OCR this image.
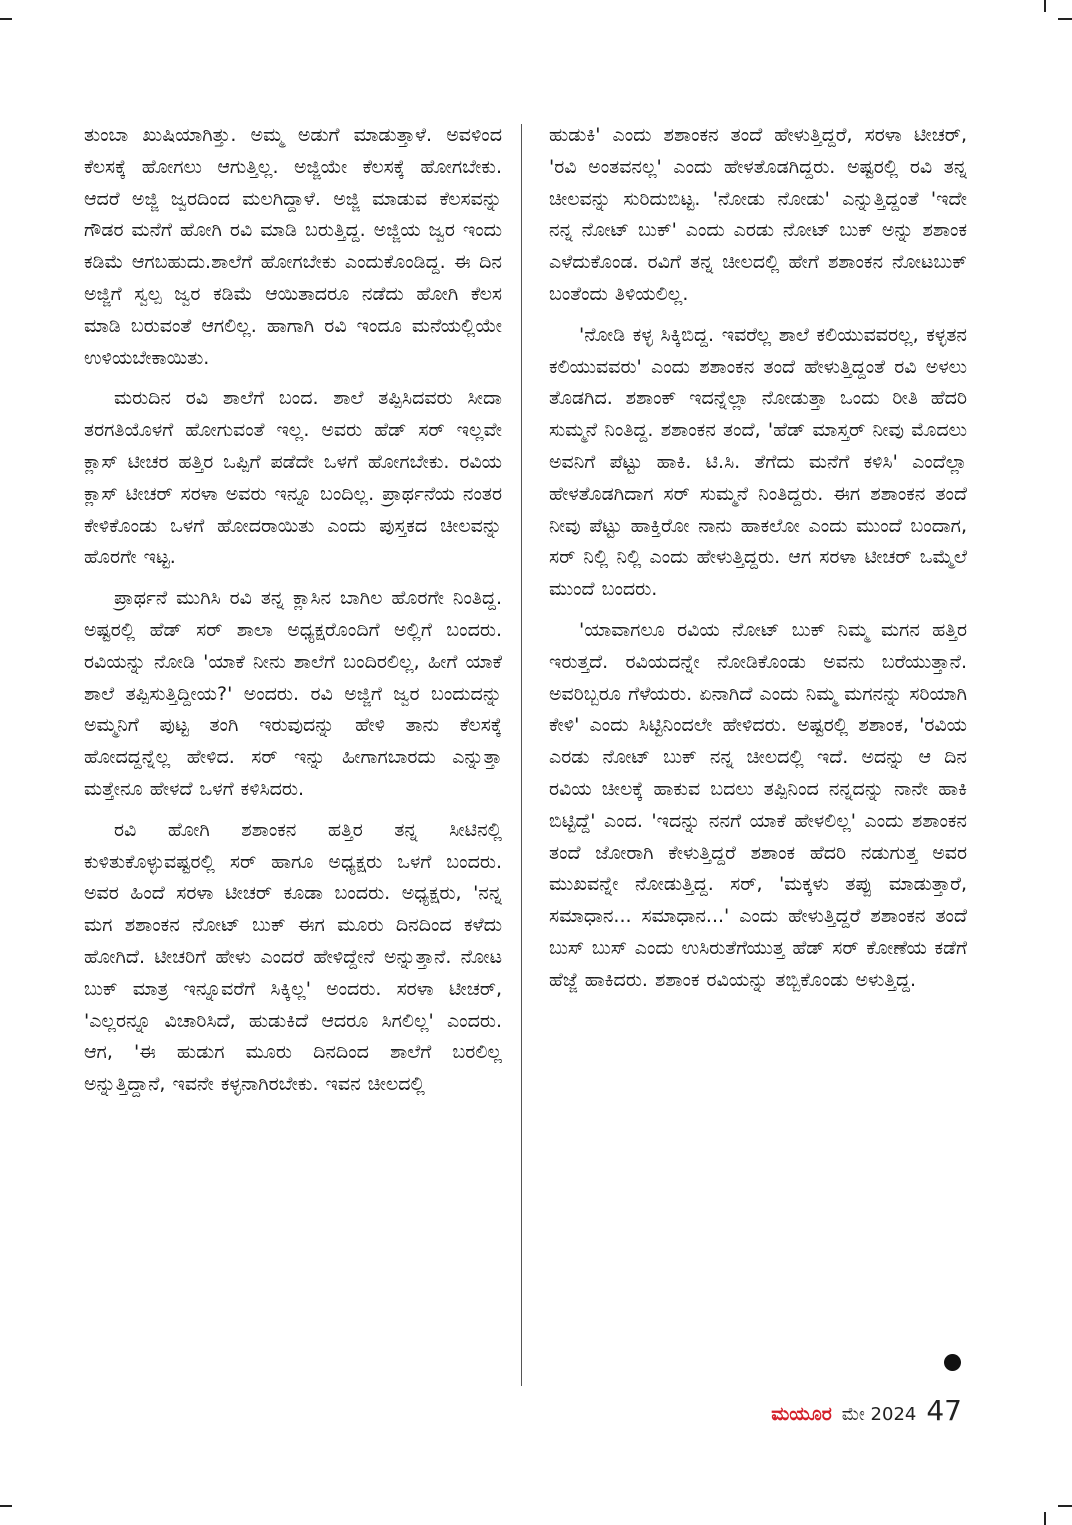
ತುಂಬಾ ಖುಷಿಯಾಗಿತ್ತು. ಅಮ್ಮ ಅಡುಗೆ ಮಾಡುತ್ತಾಳೆ. ಅವಳಿಂದ ಕೆಲಸಕ್ಕೆ ಹೋಗಲು ಆಗುತ್ತಿಲ್ಲ. ಅಜ್ಜಿಯೇ ಕೆಲಸಕ್ಕೆ ಹೋಗಬೇಕು. ಆದರೆ ಅಜ್ಜಿ ಜ್ವರದಿಂದ ಮಲಗಿದ್ದಾಳೆ. ಅಜ್ಜಿ ಮಾಡುವ ಕೆಲಸವನ್ನು ಗೌಡರ ಮನೆಗೆ ಹೋಗಿ ರವಿ ಮಾಡಿ ಬರುತ್ತಿದ್ದ. ಅಜ್ಜಿಯ ಜ್ವರ ಇಂದು ಕಡಿಮೆ ಆಗಬಹುದು.ಶಾಲೆಗೆ ಹೋಗಬೇಕು ಎಂದುಕೊಂಡಿದ್ದ. ಈ ದಿನ ಅಜ್ಜಿಗೆ ಸ್ವಲ್ಪ ಜ್ವರ ಕಡಿಮೆ ಆಯಿತಾದರೂ ನಡೆದು ಹೋಗಿ ಕೆಲಸ ಮಾಡಿ ಬರುವಂತೆ ಆಗಲಿಲ್ಲ. ಹಾಗಾಗಿ ರವಿ ಇಂದೂ ಮನೆಯಲ್ಲಿಯೇ ಉಳಿಯಬೇಕಾಯಿತು.

ಮರುದಿನ ರವಿ ಶಾಲೆಗೆ ಬಂದ. ಶಾಲೆ ತಪ್ಪಿಸಿದವರು ಸೀದಾ ತರಗತಿಯೊಳಗೆ ಹೋಗುವಂತೆ ಇಲ್ಲ. ಅವರು ಹೆಡ್ ಸರ್ ಇಲ್ಲವೇ ಕ್ಲಾಸ್ ಟೀಚರ ಹತ್ತಿರ ಒಪ್ಪಿಗೆ ಪಡೆದೇ ಒಳಗೆ ಹೋಗಬೇಕು. ರವಿಯ ಕ್ಲಾಸ್ ಟೀಚರ್ ಸರಳಾ ಅವರು ಇನ್ನೂ ಬಂದಿಲ್ಲ. ಪ್ರಾರ್ಥನೆಯ ನಂತರ ಕೇಳಿಕೊಂಡು ಒಳಗೆ ಹೋದರಾಯಿತು ಎಂದು ಪುಸ್ತಕದ ಚೀಲವನ್ನು ಹೊರಗೇ ಇಟ್ಟ.

ಪ್ರಾರ್ಥನೆ ಮುಗಿಸಿ ರವಿ ತನ್ನ ಕ್ಲಾಸಿನ ಬಾಗಿಲ ಹೊರಗೇ ನಿಂತಿದ್ದ. ಅಷ್ಟರಲ್ಲಿ ಹೆಡ್ ಸರ್ ಶಾಲಾ ಅಧ್ಯಕ್ಷರೊಂದಿಗೆ ಅಲ್ಲಿಗೆ ಬಂದರು. ರವಿಯನ್ನು ನೋಡಿ 'ಯಾಕೆ ನೀನು ಶಾಲೆಗೆ ಬಂದಿರಲಿಲ್ಲ, ಹೀಗೆ ಯಾಕೆ ಶಾಲೆ ತಪ್ಪಿಸುತ್ತಿದ್ದೀಯ?' ಅಂದರು. ರವಿ ಅಜ್ಜಿಗೆ ಜ್ವರ ಬಂದುದನ್ನು ಅಮ್ಮನಿಗೆ ಪುಟ್ಟ ತಂಗಿ ಇರುವುದನ್ನು ಹೇಳಿ ತಾನು ಕೆಲಸಕ್ಕೆ ಹೋದದ್ದನ್ನೆಲ್ಲ ಹೇಳಿದ. ಸರ್ ಇನ್ನು ಹೀಗಾಗಬಾರದು ಎನ್ನುತ್ತಾ ಮತ್ತೇನೂ ಹೇಳದೆ ಒಳಗೆ ಕಳಿಸಿದರು.

ರವಿ ಹೋಗಿ ಶಶಾಂಕನ ಹತ್ತಿರ ತನ್ನ ಸೀಟಿನಲ್ಲಿ ಕುಳಿತುಕೊಳ್ಳುವಷ್ಟರಲ್ಲಿ ಸರ್ ಹಾಗೂ ಅಧ್ಯಕ್ಷರು ಒಳಗೆ ಬಂದರು. ಅವರ ಹಿಂದೆ ಸರಳಾ ಟೀಚರ್ ಕೂಡಾ ಬಂದರು. ಅಧ್ಯಕ್ಷರು, 'ನನ್ನ ಮಗ ಶಶಾಂಕನ ನೋಟ್ ಬುಕ್ ಈಗ ಮೂರು ದಿನದಿಂದ ಕಳೆದು ಹೋಗಿದೆ. ಟೀಚರಿಗೆ ಹೇಳು ಎಂದರೆ ಹೇಳಿದ್ದೇನೆ ಅನ್ನುತ್ತಾನೆ. ನೋಟ ಬುಕ್ ಮಾತ್ರ ಇನ್ನೂವರೆಗೆ ಸಿಕ್ಕಿಲ್ಲ' ಅಂದರು. ಸರಳಾ ಟೀಚರ್, 'ಎಲ್ಲರನ್ನೂ ವಿಚಾರಿಸಿದೆ, ಹುಡುಕಿದೆ ಆದರೂ ಸಿಗಲಿಲ್ಲ' ಎಂದರು. ಆಗ, 'ಈ ಹುಡುಗ ಮೂರು ದಿನದಿಂದ ಶಾಲೆಗೆ ಬರಲಿಲ್ಲ ಅನ್ನುತ್ತಿದ್ದಾನೆ, ಇವನೇ ಕಳ್ಳನಾಗಿರಬೇಕು. ಇವನ ಚೀಲದಲ್ಲಿ

ಹುಡುಕಿ' ಎಂದು ಶಶಾಂಕನ ತಂದೆ ಹೇಳುತ್ತಿದ್ದರೆ, ಸರಳಾ ಟೀಚರ್, 'ರವಿ ಅಂತವನಲ್ಲ' ಎಂದು ಹೇಳತೊಡಗಿದ್ದರು. ಅಷ್ಟರಲ್ಲಿ ರವಿ ತನ್ನ ಚೀಲವನ್ನು ಸುರಿದುಬಿಟ್ಟ. 'ನೋಡು ನೋಡು' ಎನ್ನುತ್ತಿದ್ದಂತೆ 'ಇದೇ ನನ್ನ ನೋಟ್ ಬುಕ್' ಎಂದು ಎರಡು ನೋಟ್ ಬುಕ್ ಅನ್ನು ಶಶಾಂಕ ಎಳೆದುಕೊಂಡ. ರವಿಗೆ ತನ್ನ ಚೀಲದಲ್ಲಿ ಹೇಗೆ ಶಶಾಂಕನ ನೋಟಬುಕ್ ಬಂತೆಂದು ತಿಳಿಯಲಿಲ್ಲ.

'ನೋಡಿ ಕಳ್ಳ ಸಿಕ್ಕಿಬಿದ್ದ. ಇವರೆಲ್ಲ ಶಾಲೆ ಕಲಿಯುವವರಲ್ಲ, ಕಳ್ಳತನ ಕಲಿಯುವವರು' ಎಂದು ಶಶಾಂಕನ ತಂದೆ ಹೇಳುತ್ತಿದ್ದಂತೆ ರವಿ ಅಳಲು ತೊಡಗಿದ. ಶಶಾಂಕ್ ಇದನ್ನೆಲ್ಲಾ ನೋಡುತ್ತಾ ಒಂದು ರೀತಿ ಹೆದರಿ ಸುಮ್ಮನೆ ನಿಂತಿದ್ದ. ಶಶಾಂಕನ ತಂದೆ, 'ಹೆಡ್ ಮಾಸ್ತರ್ ನೀವು ಮೊದಲು ಅವನಿಗೆ ಪೆಟ್ಟು ಹಾಕಿ. ಟಿ.ಸಿ. ತೆಗೆದು ಮನೆಗೆ ಕಳಿಸಿ' ಎಂದೆಲ್ಲಾ ಹೇಳತೊಡಗಿದಾಗ ಸರ್ ಸುಮ್ಮನೆ ನಿಂತಿದ್ದರು. ಈಗ ಶಶಾಂಕನ ತಂದೆ ನೀವು ಪೆಟ್ಟು ಹಾಕ್ತಿರೋ ನಾನು ಹಾಕಲೋ ಎಂದು ಮುಂದೆ ಬಂದಾಗ, ಸರ್ ನಿಲ್ಲಿ ನಿಲ್ಲಿ ಎಂದು ಹೇಳುತ್ತಿದ್ದರು. ಆಗ ಸರಳಾ ಟೀಚರ್ ಒಮ್ಮೆಲೆ ಮುಂದೆ ಬಂದರು.

'ಯಾವಾಗಲೂ ರವಿಯ ನೋಟ್ ಬುಕ್ ನಿಮ್ಮ ಮಗನ ಹತ್ತಿರ ಇರುತ್ತದೆ. ರವಿಯದನ್ನೇ ನೋಡಿಕೊಂಡು ಅವನು ಬರೆಯುತ್ತಾನೆ. ಅವರಿಬ್ಬರೂ ಗೆಳೆಯರು. ಏನಾಗಿದೆ ಎಂದು ನಿಮ್ಮ ಮಗನನ್ನು ಸರಿಯಾಗಿ ಕೇಳಿ' ಎಂದು ಸಿಟ್ಟಿನಿಂದಲೇ ಹೇಳಿದರು. ಅಷ್ಟರಲ್ಲಿ ಶಶಾಂಕ, 'ರವಿಯ ಎರಡು ನೋಟ್ ಬುಕ್ ನನ್ನ ಚೀಲದಲ್ಲಿ ಇದೆ. ಅದನ್ನು ಆ ದಿನ ರವಿಯ ಚೀಲಕ್ಕೆ ಹಾಕುವ ಬದಲು ತಪ್ಪಿನಿಂದ ನನ್ನದನ್ನು ನಾನೇ ಹಾಕಿ ಬಿಟ್ಟಿದ್ದೆ' ಎಂದ. 'ಇದನ್ನು ನನಗೆ ಯಾಕೆ ಹೇಳಲಿಲ್ಲ' ಎಂದು ಶಶಾಂಕನ ತಂದೆ ಜೋರಾಗಿ ಕೇಳುತ್ತಿದ್ದರೆ ಶಶಾಂಕ ಹೆದರಿ ನಡುಗುತ್ತ ಅವರ ಮುಖವನ್ನೇ ನೋಡುತ್ತಿದ್ದ. ಸರ್, 'ಮಕ್ಕಳು ತಪ್ಪು ಮಾಡುತ್ತಾರೆ, ಸಮಾಧಾನ... ಸಮಾಧಾನ...' ಎಂದು ಹೇಳುತ್ತಿದ್ದರೆ ಶಶಾಂಕನ ತಂದೆ ಬುಸ್ ಬುಸ್ ಎಂದು ಉಸಿರುತೆಗೆಯುತ್ತ ಹೆಡ್ ಸರ್ ಕೋಣೆಯ ಕಡೆಗೆ ಹೆಜ್ಜೆ ಹಾಕಿದರು. ಶಶಾಂಕ ರವಿಯನ್ನು ತಬ್ಬಿಕೊಂಡು ಅಳುತ್ತಿದ್ದ.

ಮಯೂರ ಮೇ 2024 47
